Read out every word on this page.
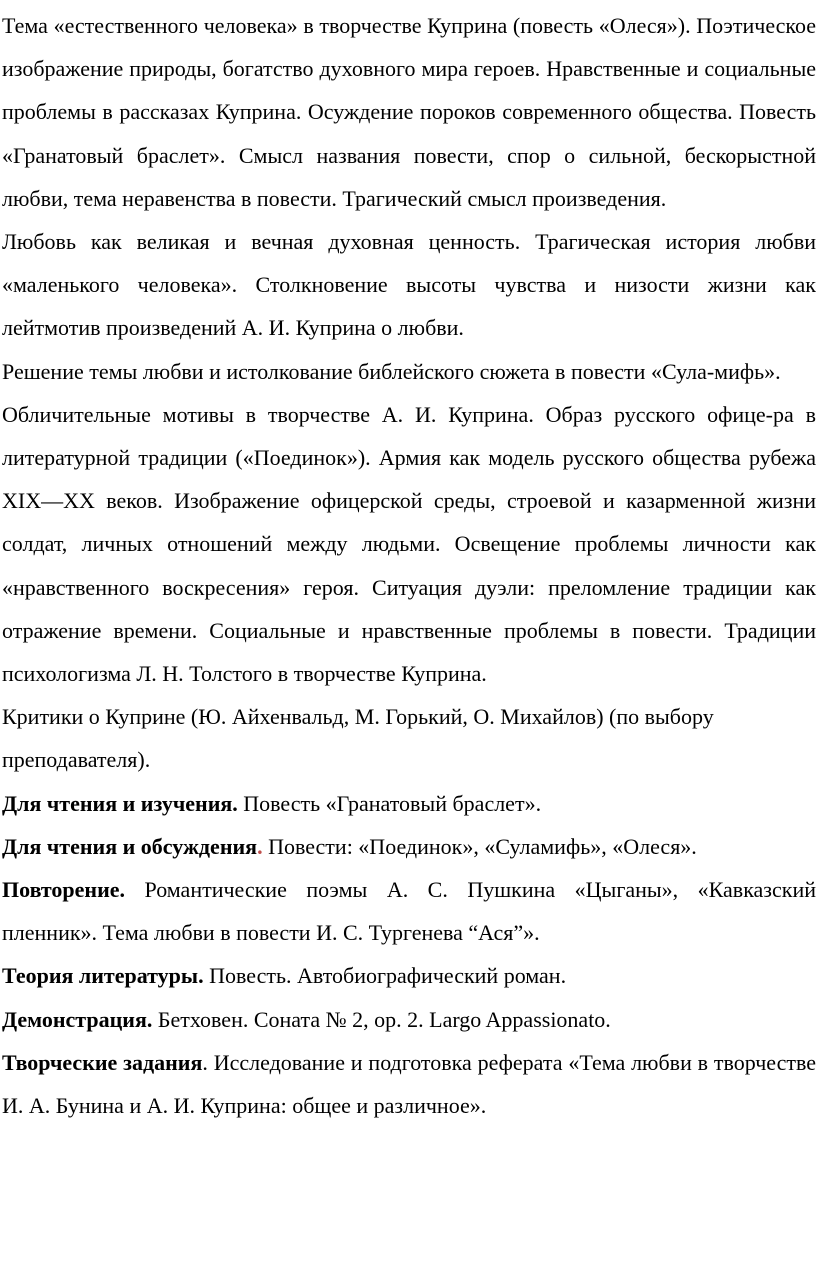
Тема «естественного человека» в творчестве Куприна (повесть «Олеся»). Поэтическое изображение природы, богатство духовного мира героев. Нравственные и социальные проблемы в рассказах Куприна. Осуждение пороков современного общества. Повесть «Гранатовый браслет». Смысл названия повести, спор о сильной, бескорыстной любви, тема неравенства в повести. Трагический смысл произведения.

Любовь как великая и вечная духовная ценность. Трагическая история любви «маленького человека». Столкновение высоты чувства и низости жизни как лейтмотив произведений А. И. Куприна о любви.

Решение темы любви и истолкование библейского сюжета в повести «Сула-мифь».

Обличительные мотивы в творчестве А. И. Куприна. Образ русского офице-ра в литературной традиции («Поединок»). Армия как модель русского общества рубежа XIX—XX веков. Изображение офицерской среды, строевой и казарменной жизни солдат, личных отношений между людьми. Освещение проблемы личности как «нравственного воскресения» героя. Ситуация дуэли: преломление традиции как отражение времени. Социальные и нравственные проблемы в повести. Традиции психологизма Л. Н. Толстого в творчестве Куприна.

Критики о Куприне (Ю. Айхенвальд, М. Горький, О. Михайлов) (по выбору преподавателя).

Для чтения и изучения. Повесть «Гранатовый браслет».

Для чтения и обсуждения. Повести: «Поединок», «Суламифь», «Олеся».

Повторение. Романтические поэмы А. С. Пушкина «Цыганы», «Кавказский пленник». Тема любви в повести И. С. Тургенева “Ася”».

Теория литературы. Повесть. Автобиографический роман.

Демонстрация. Бетховен. Соната № 2, ор. 2. Largo Appassionato.

Творческие задания. Исследование и подготовка реферата «Тема любви в творчестве И. А. Бунина и А. И. Куприна: общее и различное».
